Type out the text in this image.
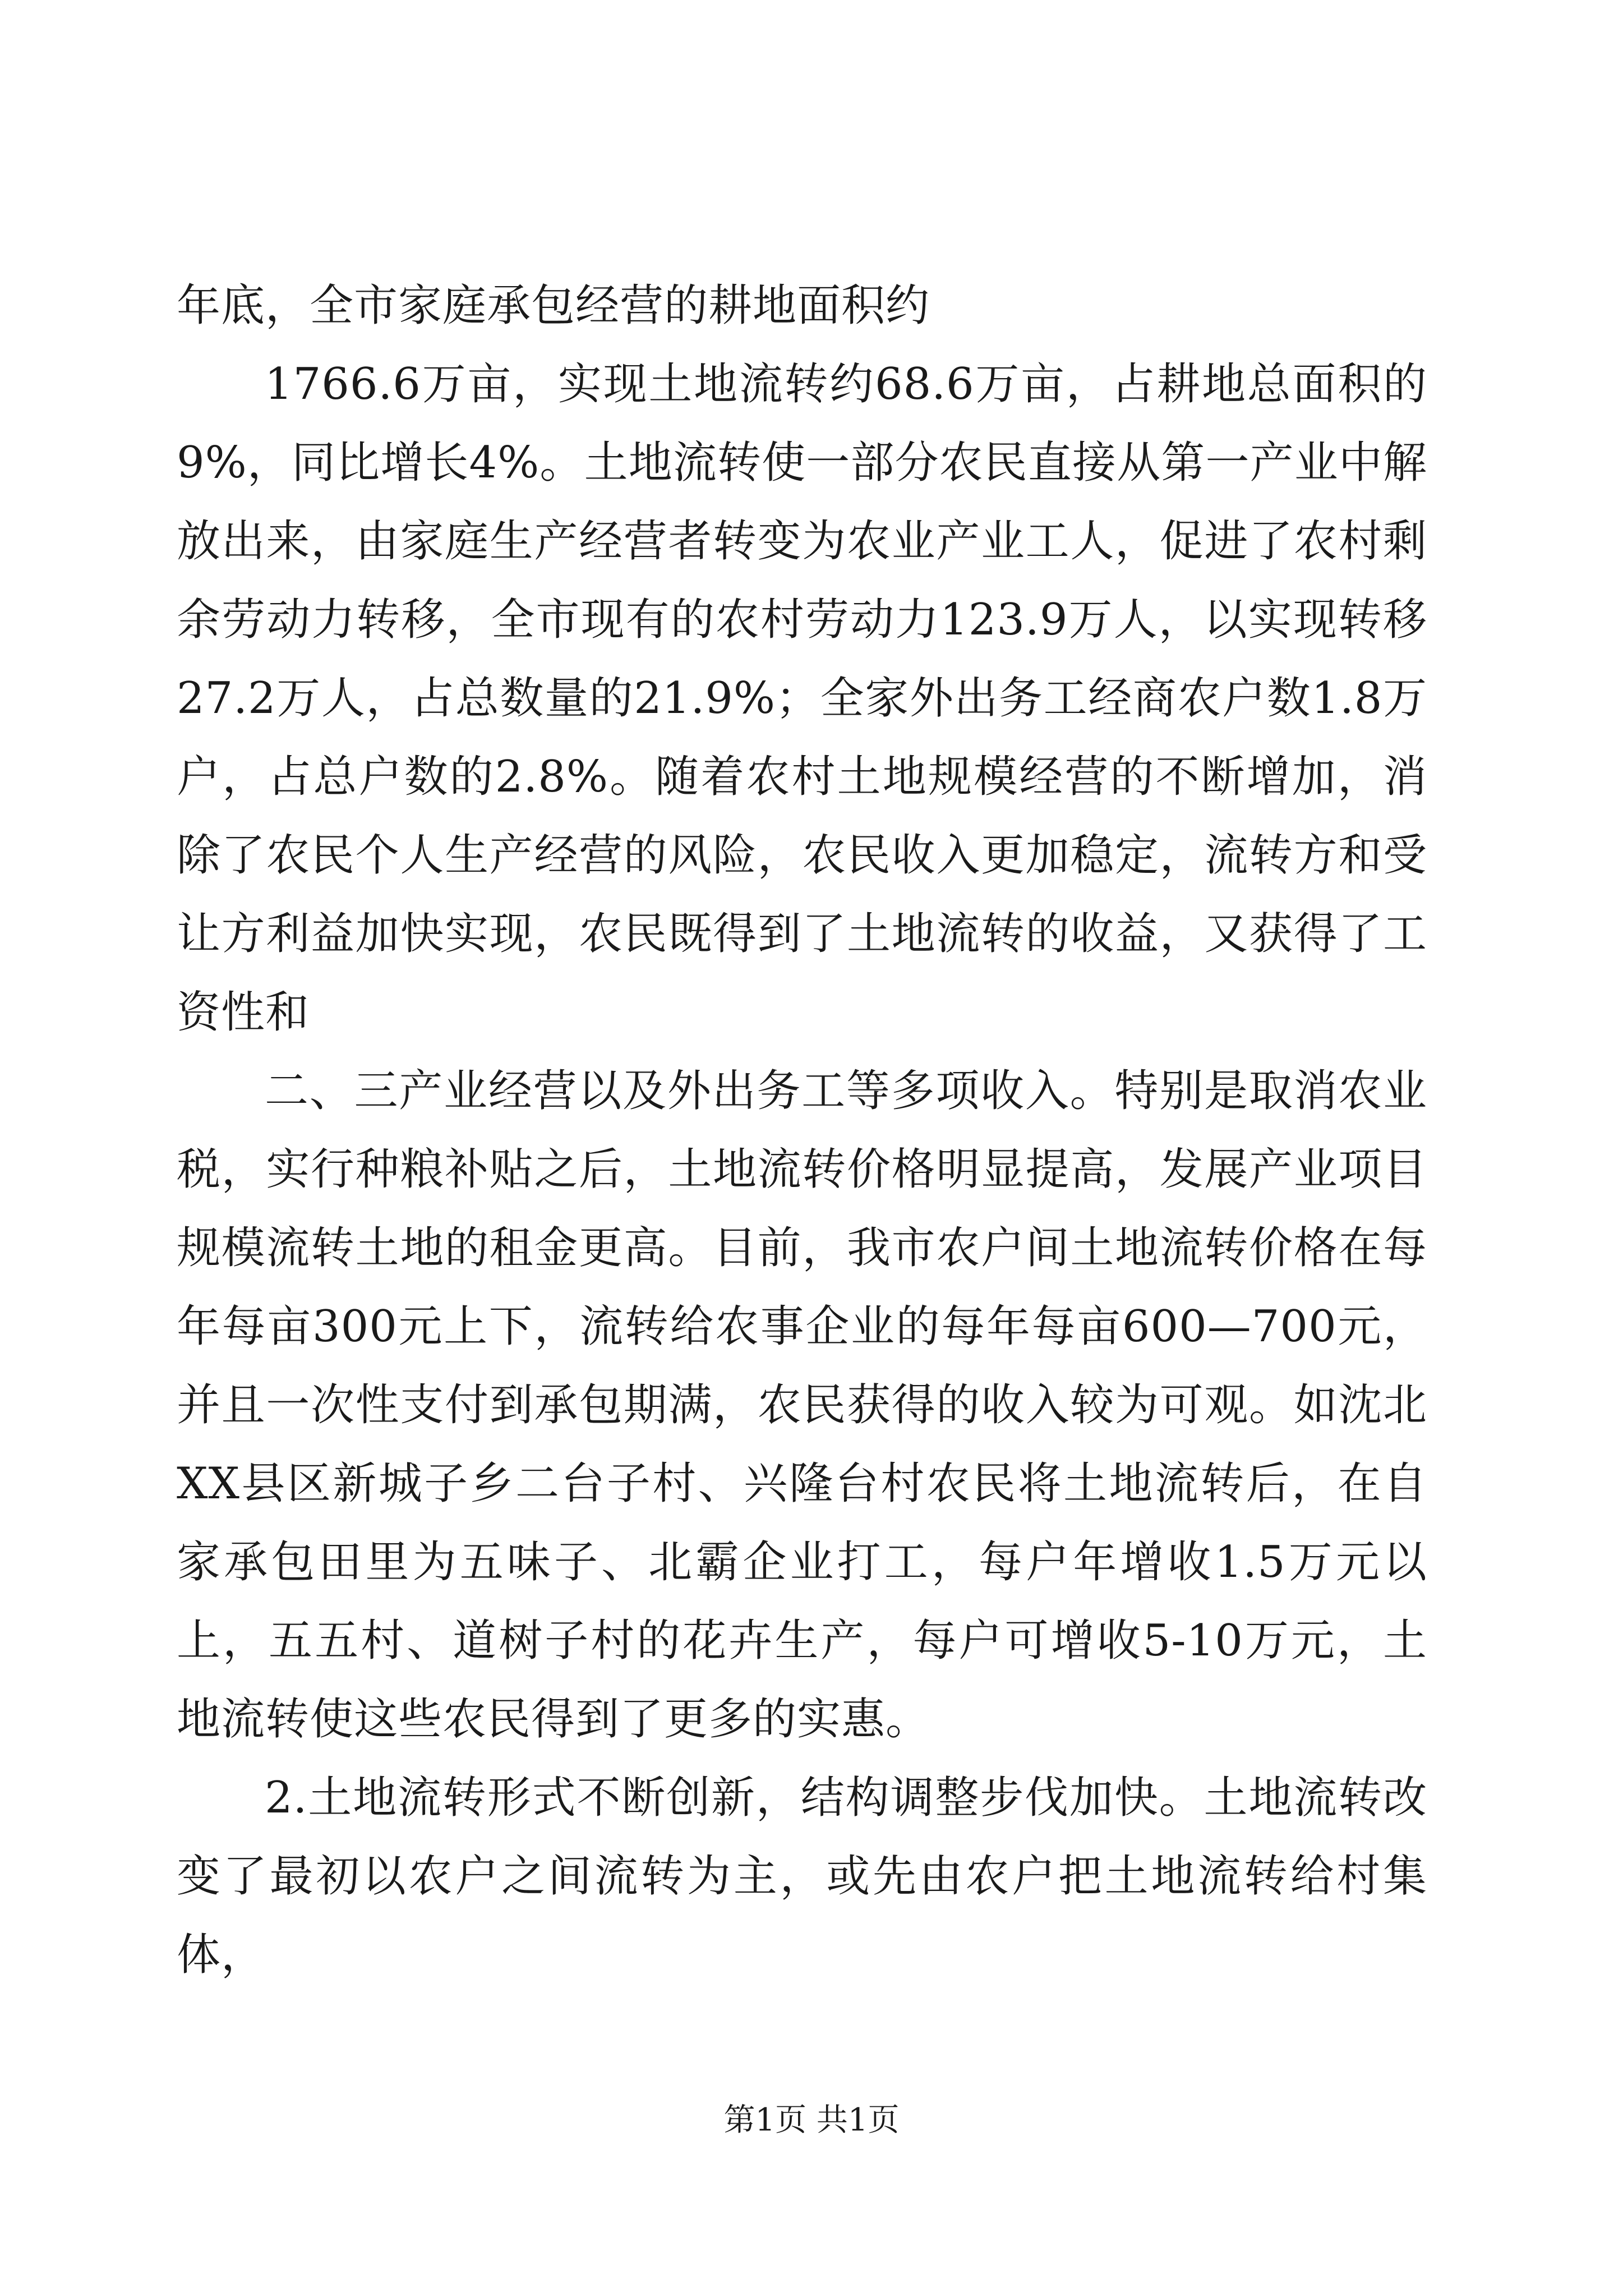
年底，全市家庭承包经营的耕地面积约

1766.6万亩，实现土地流转约68.6万亩，占耕地总面积的9%，同比增长4%。土地流转使一部分农民直接从第一产业中解放出来，由家庭生产经营者转变为农业产业工人，促进了农村剩余劳动力转移，全市现有的农村劳动力123.9万人，以实现转移27.2万人，占总数量的21.9%；全家外出务工经商农户数1.8万户，占总户数的2.8%。随着农村土地规模经营的不断增加，消除了农民个人生产经营的风险，农民收入更加稳定，流转方和受让方利益加快实现，农民既得到了土地流转的收益，又获得了工资性和

二、三产业经营以及外出务工等多项收入。特别是取消农业税，实行种粮补贴之后，土地流转价格明显提高，发展产业项目规模流转土地的租金更高。目前，我市农户间土地流转价格在每年每亩300元上下，流转给农事企业的每年每亩600—700元，并且一次性支付到承包期满，农民获得的收入较为可观。如沈北XX县区新城子乡二台子村、兴隆台村农民将土地流转后，在自家承包田里为五味子、北霸企业打工，每户年增收1.5万元以上，五五村、道树子村的花卉生产，每户可增收5-10万元，土地流转使这些农民得到了更多的实惠。

2.土地流转形式不断创新，结构调整步伐加快。土地流转改变了最初以农户之间流转为主，或先由农户把土地流转给村集体，

第1页 共1页
